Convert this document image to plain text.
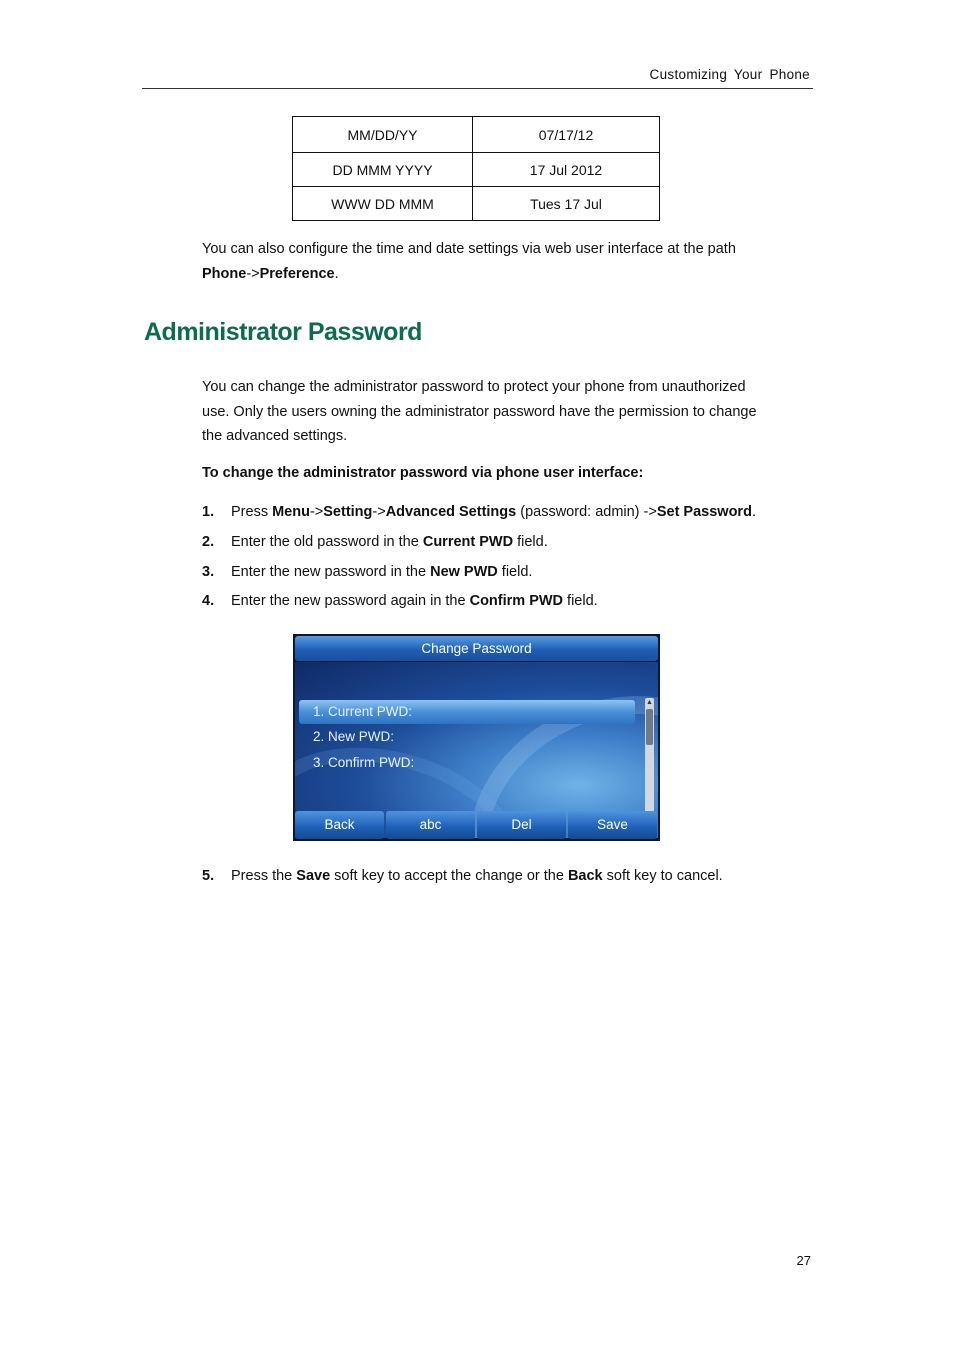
Customizing Your Phone
MM/DD/YY	07/17/12
DD MMM YYYY	17 Jul 2012
WWW DD MMM	Tues 17 Jul
You can also configure the time and date settings via web user interface at the path
Phone->Preference.
Administrator Password
You can change the administrator password to protect your phone from unauthorized
use. Only the users owning the administrator password have the permission to change
the advanced settings.
To change the administrator password via phone user interface:
1. Press Menu->Setting->Advanced Settings (password: admin) ->Set Password.
2. Enter the old password in the Current PWD field.
3. Enter the new password in the New PWD field.
4. Enter the new password again in the Confirm PWD field.
1. Current PWD:
2. New PWD:
3. Confirm PWD:
▲
Change Password
Back	abc	Del	Save
5. Press the Save soft key to accept the change or the Back soft key to cancel.
27
